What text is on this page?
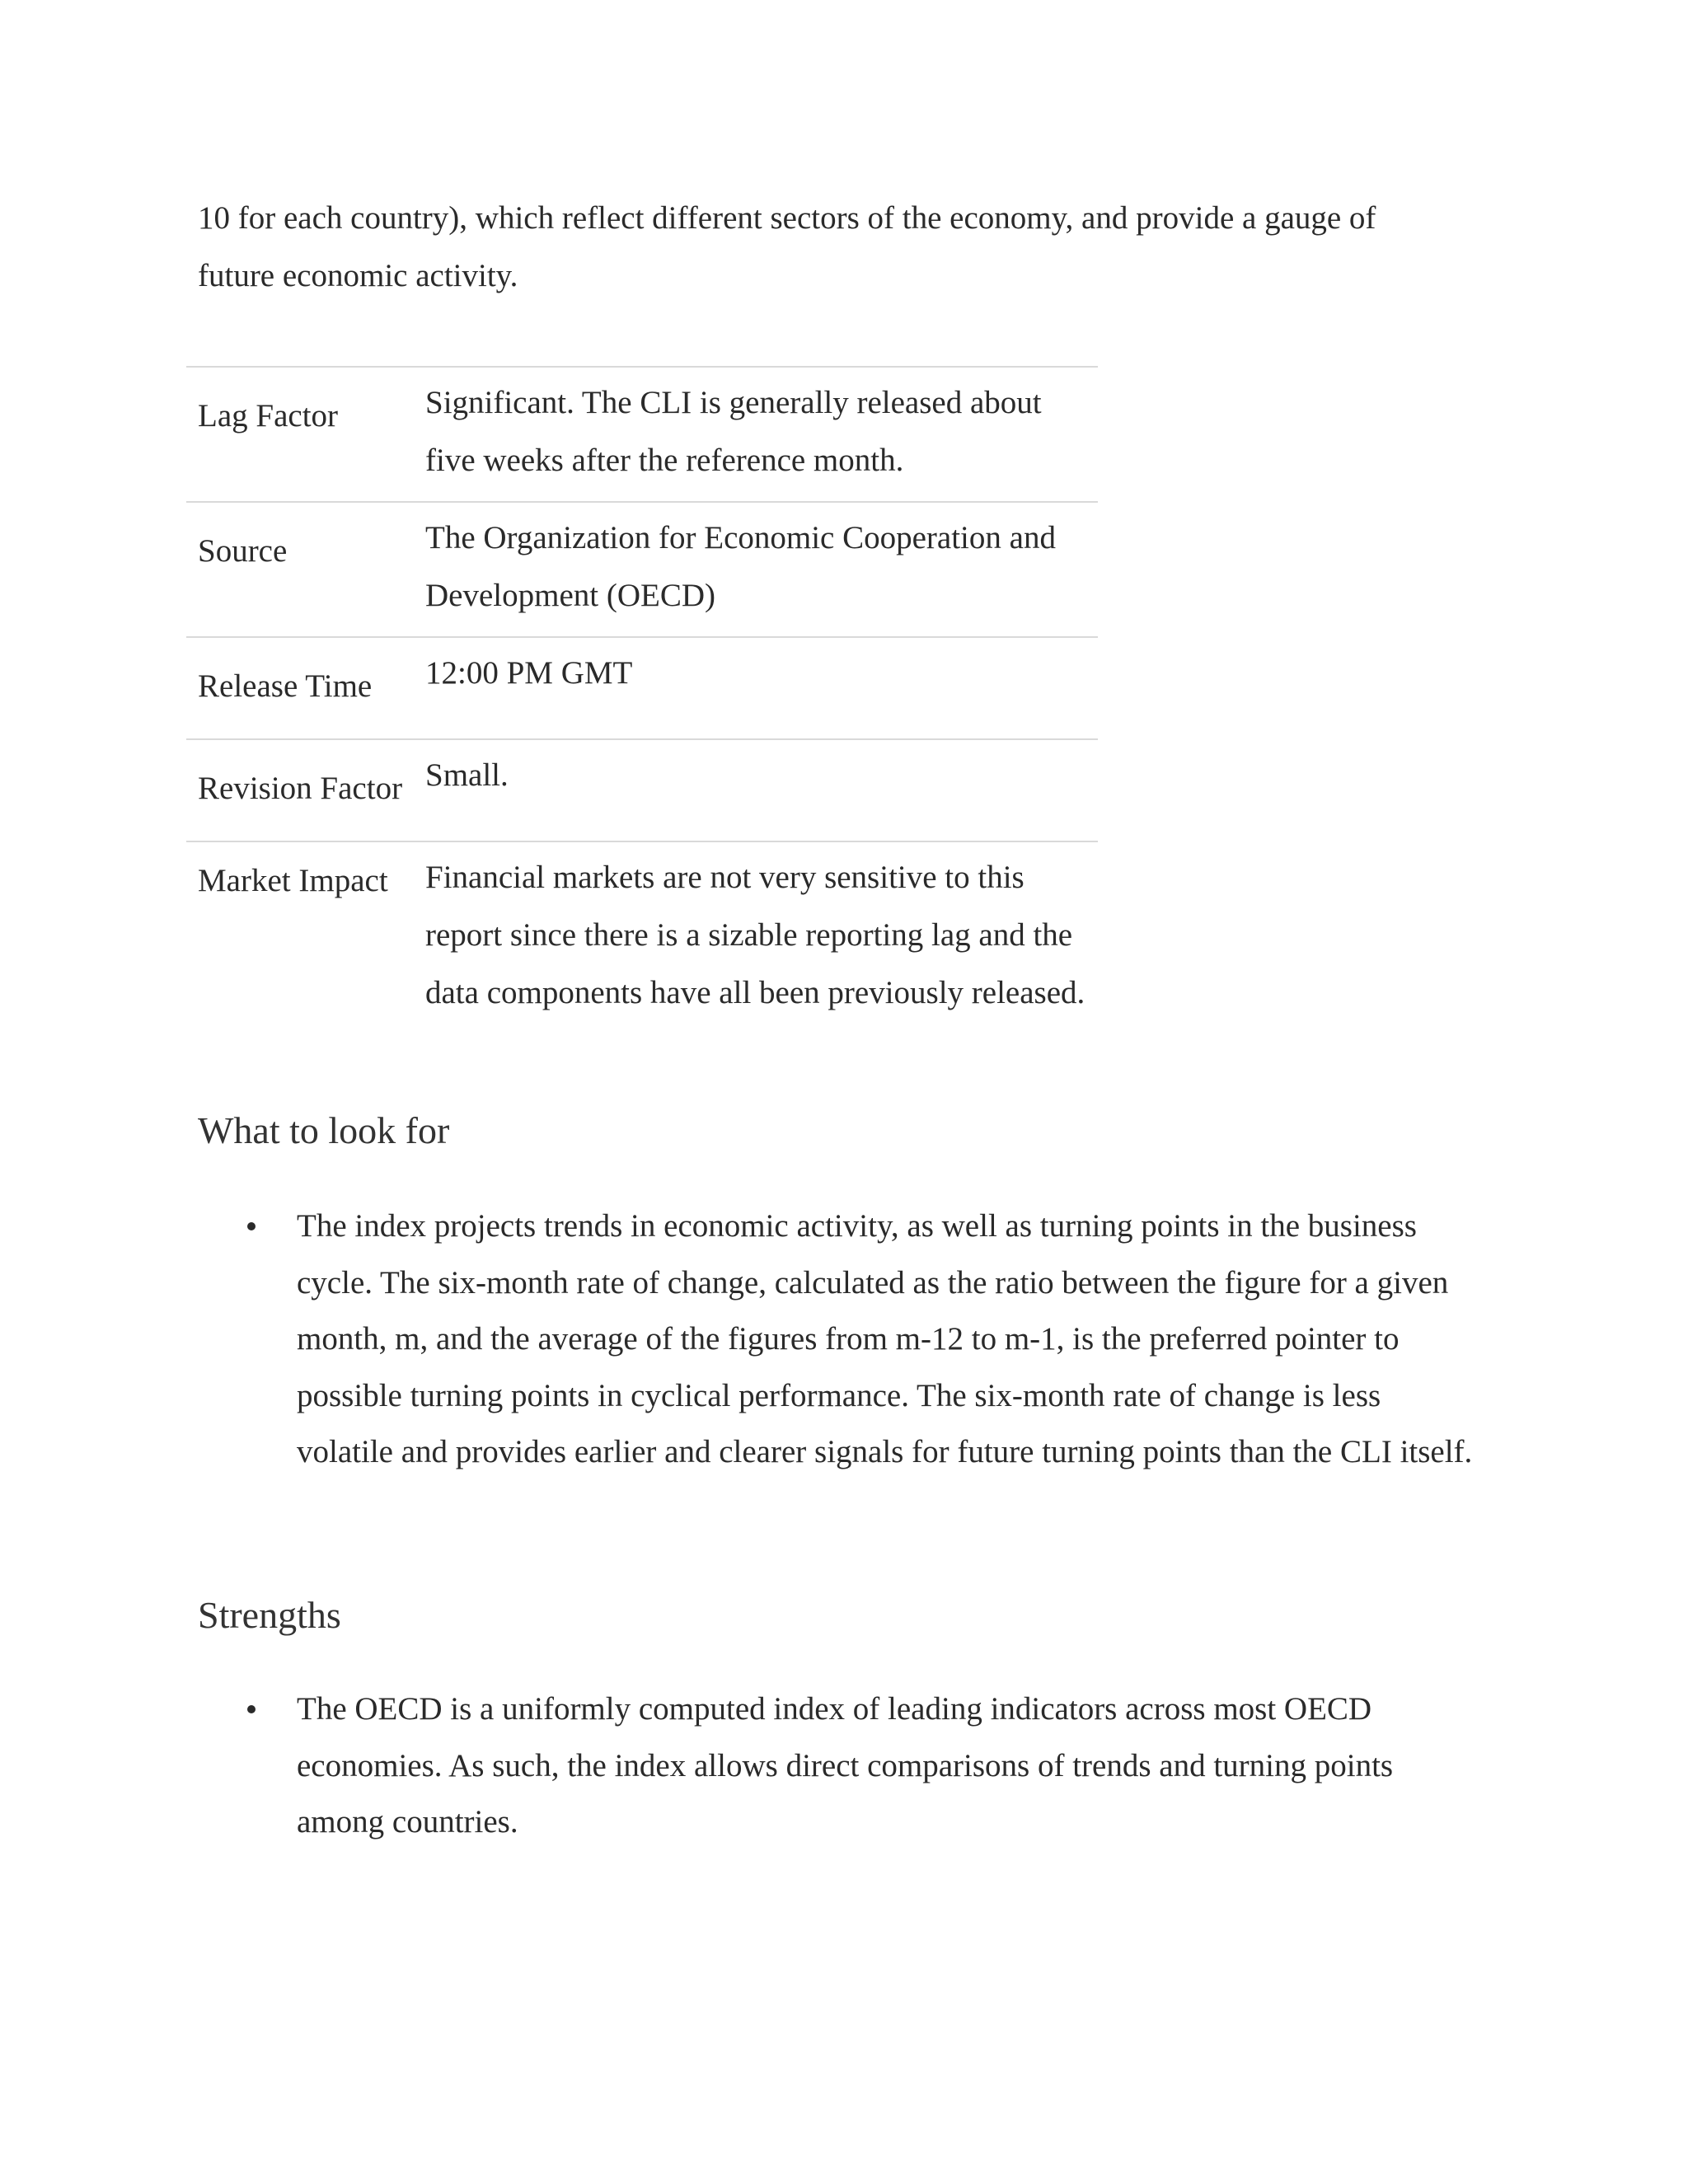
10 for each country), which reflect different sectors of the economy, and provide a gauge of future economic activity.

Lag Factor	Significant. The CLI is generally released about five weeks after the reference month.

Source	The Organization for Economic Cooperation and Development (OECD)

Release Time	12:00 PM GMT

Revision Factor	Small.

Market Impact	Financial markets are not very sensitive to this report since there is a sizable reporting lag and the data components have all been previously released.
What to look for
The index projects trends in economic activity, as well as turning points in the business cycle. The six-month rate of change, calculated as the ratio between the figure for a given month, m, and the average of the figures from m-12 to m-1, is the preferred pointer to possible turning points in cyclical performance. The six-month rate of change is less volatile and provides earlier and clearer signals for future turning points than the CLI itself.
Strengths
The OECD is a uniformly computed index of leading indicators across most OECD economies. As such, the index allows direct comparisons of trends and turning points among countries.
